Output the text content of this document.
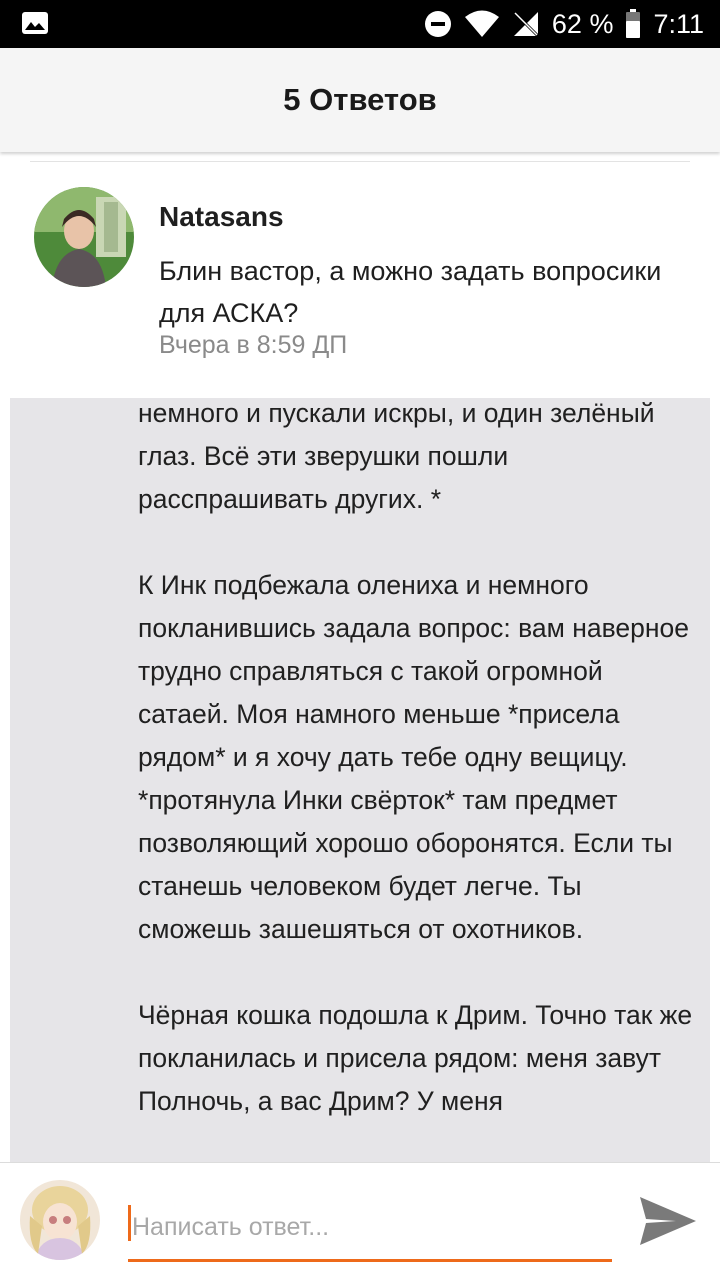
62 % 7:11
5 Ответов
Natasans
Блин вастор, а можно задать вопросики для АСКА?
Вчера в 8:59 ДП

немного и пускали искры, и один зелёный глаз. Всё эти зверушки пошли расспрашивать других. *

К Инк подбежала олениха и немного покланившись задала вопрос: вам наверное трудно справляться с такой огромной сатаей. Моя намного меньше *присела рядом* и я хочу дать тебе одну вещицу. *протянула Инки свёрток* там предмет позволяющий хорошо оборонятся. Если ты станешь человеком будет легче. Ты сможешь зашешяться от охотников.

Чёрная кошка подошла к Дрим. Точно так же покланилась и присела рядом: меня завут Полночь, а вас Дрим? У меня

Написать ответ...
